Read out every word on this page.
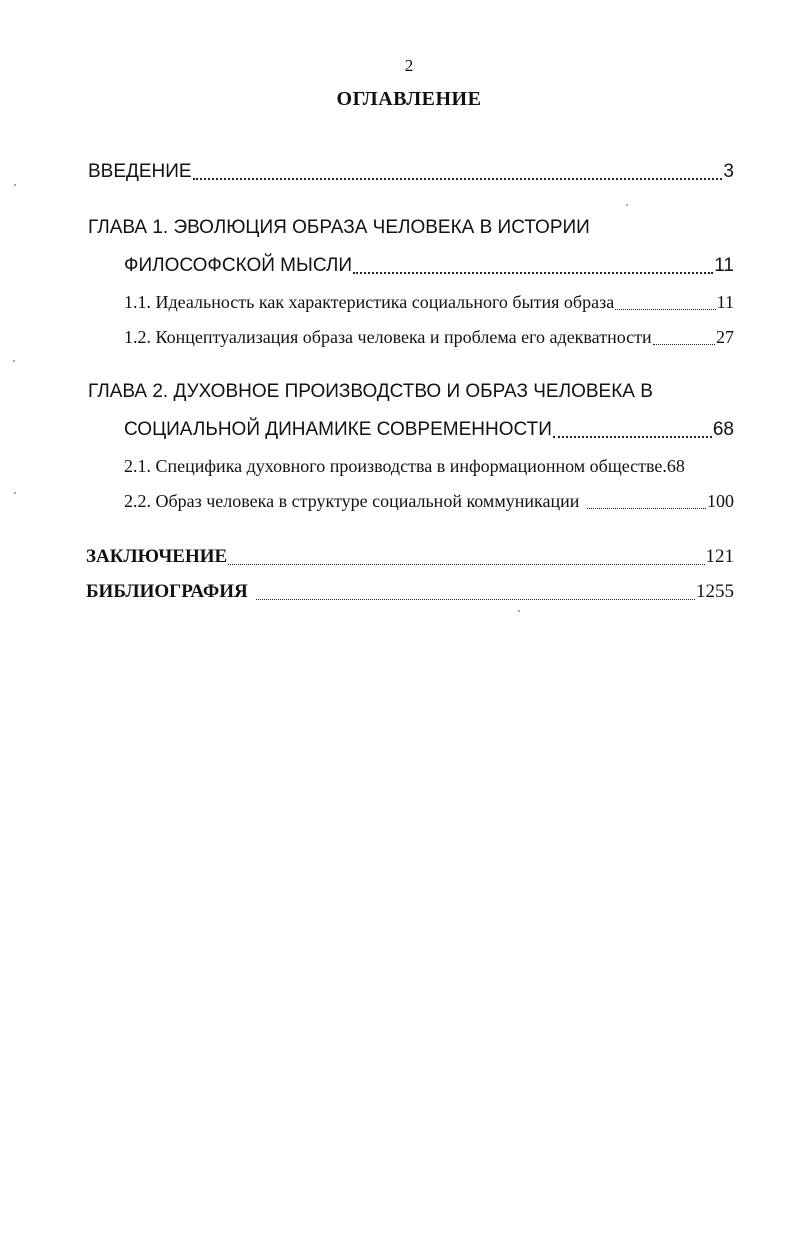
2
ОГЛАВЛЕНИЕ
ВВЕДЕНИЕ	3
ГЛАВА 1. ЭВОЛЮЦИЯ ОБРАЗА ЧЕЛОВЕКА В ИСТОРИИ
ФИЛОСОФСКОЙ МЫСЛИ	11
1.1. Идеальность как характеристика социального бытия образа	11
1.2. Концептуализация образа человека и проблема его адекватности	27
ГЛАВА 2. ДУХОВНОЕ ПРОИЗВОДСТВО И ОБРАЗ ЧЕЛОВЕКА В
СОЦИАЛЬНОЙ ДИНАМИКЕ СОВРЕМЕННОСТИ	68
2.1. Специфика духовного производства в информационном обществе .68
2.2. Образ человека в структуре социальной коммуникации	100
ЗАКЛЮЧЕНИЕ	121
БИБЛИОГРАФИЯ	1255
